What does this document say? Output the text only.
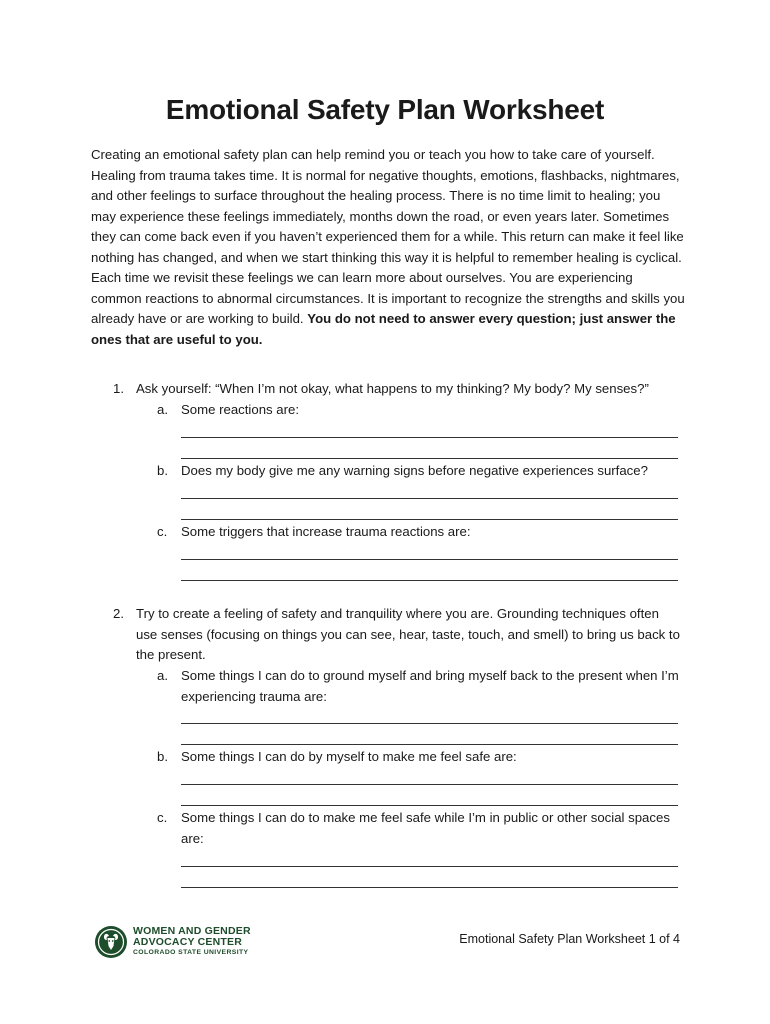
Emotional Safety Plan Worksheet
Creating an emotional safety plan can help remind you or teach you how to take care of yourself. Healing from trauma takes time. It is normal for negative thoughts, emotions, flashbacks, nightmares, and other feelings to surface throughout the healing process. There is no time limit to healing; you may experience these feelings immediately, months down the road, or even years later. Sometimes they can come back even if you haven’t experienced them for a while. This return can make it feel like nothing has changed, and when we start thinking this way it is helpful to remember healing is cyclical. Each time we revisit these feelings we can learn more about ourselves. You are experiencing common reactions to abnormal circumstances. It is important to recognize the strengths and skills you already have or are working to build. You do not need to answer every question; just answer the ones that are useful to you.
1. Ask yourself: “When I’m not okay, what happens to my thinking? My body? My senses?”
a. Some reactions are:
b. Does my body give me any warning signs before negative experiences surface?
c. Some triggers that increase trauma reactions are:
2. Try to create a feeling of safety and tranquility where you are. Grounding techniques often use senses (focusing on things you can see, hear, taste, touch, and smell) to bring us back to the present.
a. Some things I can do to ground myself and bring myself back to the present when I’m experiencing trauma are:
b. Some things I can do by myself to make me feel safe are:
c. Some things I can do to make me feel safe while I’m in public or other social spaces are:
WOMEN AND GENDER
ADVOCACY CENTER
COLORADO STATE UNIVERSITY
Emotional Safety Plan Worksheet 1 of 4
